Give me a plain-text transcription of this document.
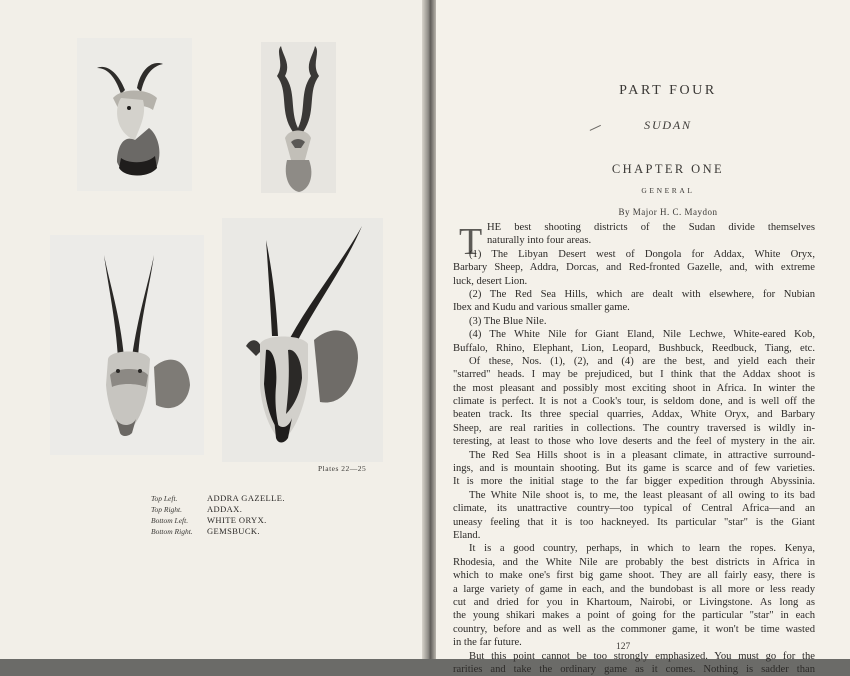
Plates 22—25
Top Left.	ADDRA GAZELLE.
Top Right.	ADDAX.
Bottom Left. WHITE ORYX.
Bottom Right. GEMSBUCK.
PART FOUR
SUDAN
CHAPTER ONE
GENERAL
By Major H. C. Maydon
T HE best shooting districts of the Sudan divide themselves
naturally into four areas.
(1) The Libyan Desert west of Dongola for Addax, White Oryx,
Barbary Sheep, Addra, Dorcas, and Red-fronted Gazelle, and, with extreme
luck, desert Lion.
(2) The Red Sea Hills, which are dealt with elsewhere, for Nubian
Ibex and Kudu and various smaller game.
(3) The Blue Nile.
(4) The White Nile for Giant Eland, Nile Lechwe, White-eared Kob,
Buffalo, Rhino, Elephant, Lion, Leopard, Bushbuck, Reedbuck, Tiang, etc.
Of these, Nos. (1), (2), and (4) are the best, and yield each their
"starred" heads. I may be prejudiced, but I think that the Addax shoot is
the most pleasant and possibly most exciting shoot in Africa. In winter the
climate is perfect. It is not a Cook's tour, is seldom done, and is well off the
beaten track. Its three special quarries, Addax, White Oryx, and Barbary
Sheep, are real rarities in collections. The country traversed is wildly in-
teresting, at least to those who love deserts and the feel of mystery in the air.
The Red Sea Hills shoot is in a pleasant climate, in attractive surround-
ings, and is mountain shooting. But its game is scarce and of few varieties.
It is more the initial stage to the far bigger expedition through Abyssinia.
The White Nile shoot is, to me, the least pleasant of all owing to its bad
climate, its unattractive country—too typical of Central Africa—and an
uneasy feeling that it is too hackneyed. Its particular "star" is the Giant
Eland.
It is a good country, perhaps, in which to learn the ropes. Kenya,
Rhodesia, and the White Nile are probably the best districts in Africa in
which to make one's first big game shoot. They are all fairly easy, there is
a large variety of game in each, and the bundobast is all more or less ready
cut and dried for you in Khartoum, Nairobi, or Livingstone. As long as
the young shikari makes a point of going for the particular "star" in each
country, before and as well as the commoner game, it won't be time wasted
in the far future.
But this point cannot be too strongly emphasized. You must go for the
rarities and take the ordinary game as it comes. Nothing is sadder than
127
